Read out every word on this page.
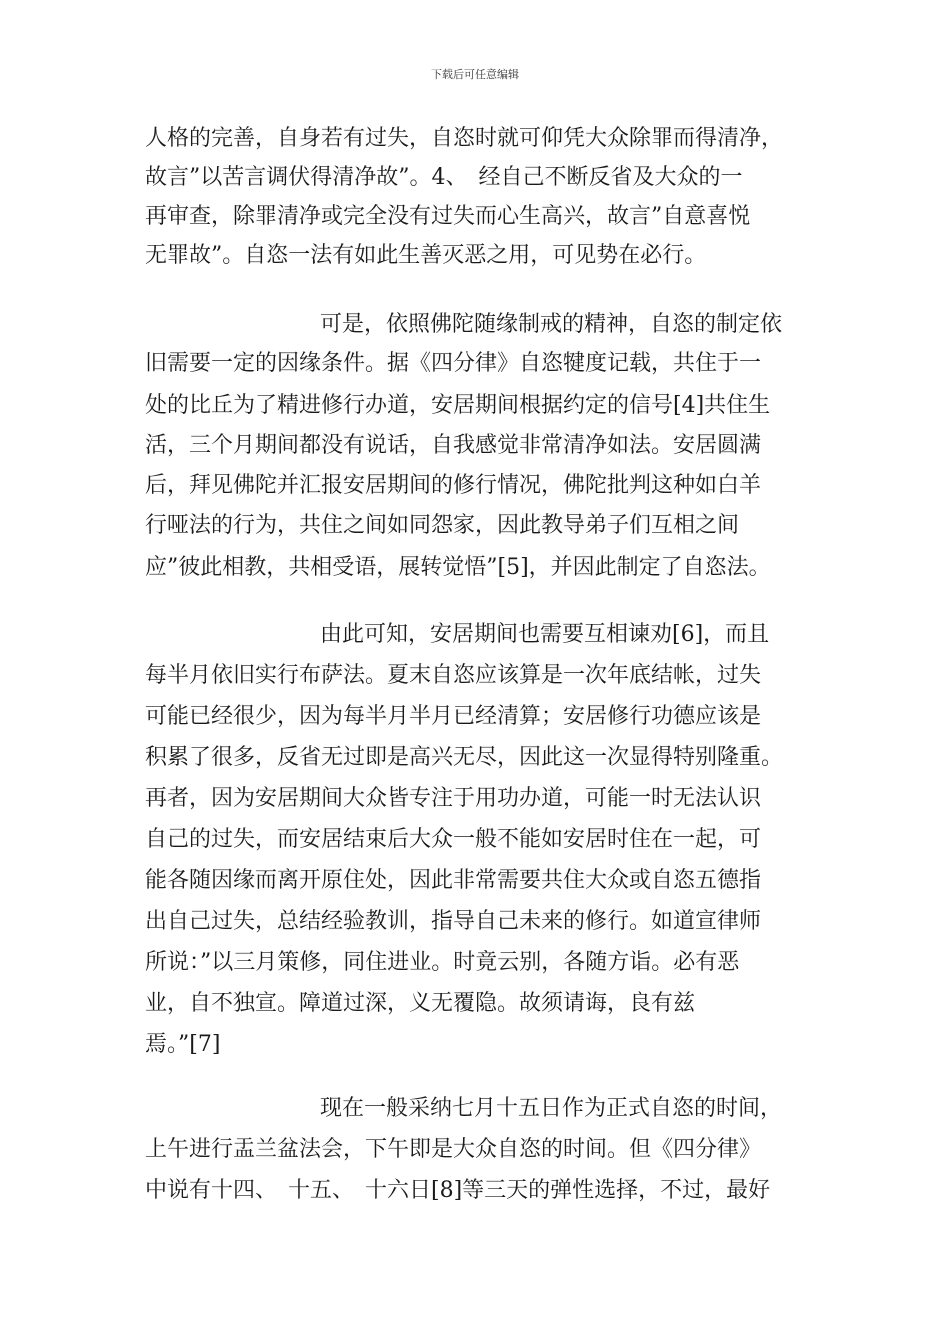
下载后可任意编辑
人格的完善，自身若有过失，自恣时就可仰凭大众除罪而得清净，
故言”以苦言调伏得清净故”。4、　经自己不断反省及大众的一
再审查，除罪清净或完全没有过失而心生高兴，故言”自意喜悦
无罪故”。自恣一法有如此生善灭恶之用，可见势在必行。
可是，依照佛陀随缘制戒的精神，自恣的制定依
旧需要一定的因缘条件。据《四分律》自恣犍度记载，共住于一
处的比丘为了精进修行办道，安居期间根据约定的信号[4]共住生
活，三个月期间都没有说话，自我感觉非常清净如法。安居圆满
后，拜见佛陀并汇报安居期间的修行情况，佛陀批判这种如白羊
行哑法的行为，共住之间如同怨家，因此教导弟子们互相之间
应”彼此相教，共相受语，展转觉悟”[5]，并因此制定了自恣法。
由此可知，安居期间也需要互相谏劝[6]，而且
每半月依旧实行布萨法。夏末自恣应该算是一次年底结帐，过失
可能已经很少，因为每半月半月已经清算；安居修行功德应该是
积累了很多，反省无过即是高兴无尽，因此这一次显得特别隆重。
再者，因为安居期间大众皆专注于用功办道，可能一时无法认识
自己的过失，而安居结束后大众一般不能如安居时住在一起，可
能各随因缘而离开原住处，因此非常需要共住大众或自恣五德指
出自己过失，总结经验教训，指导自己未来的修行。如道宣律师
所说：”以三月策修，同住进业。时竟云别，各随方诣。必有恶
业，自不独宣。障道过深，义无覆隐。故须请诲，良有兹
焉。”[7]
现在一般采纳七月十五日作为正式自恣的时间，
上午进行盂兰盆法会，下午即是大众自恣的时间。但《四分律》
中说有十四、　十五、　十六日[8]等三天的弹性选择，不过，最好
